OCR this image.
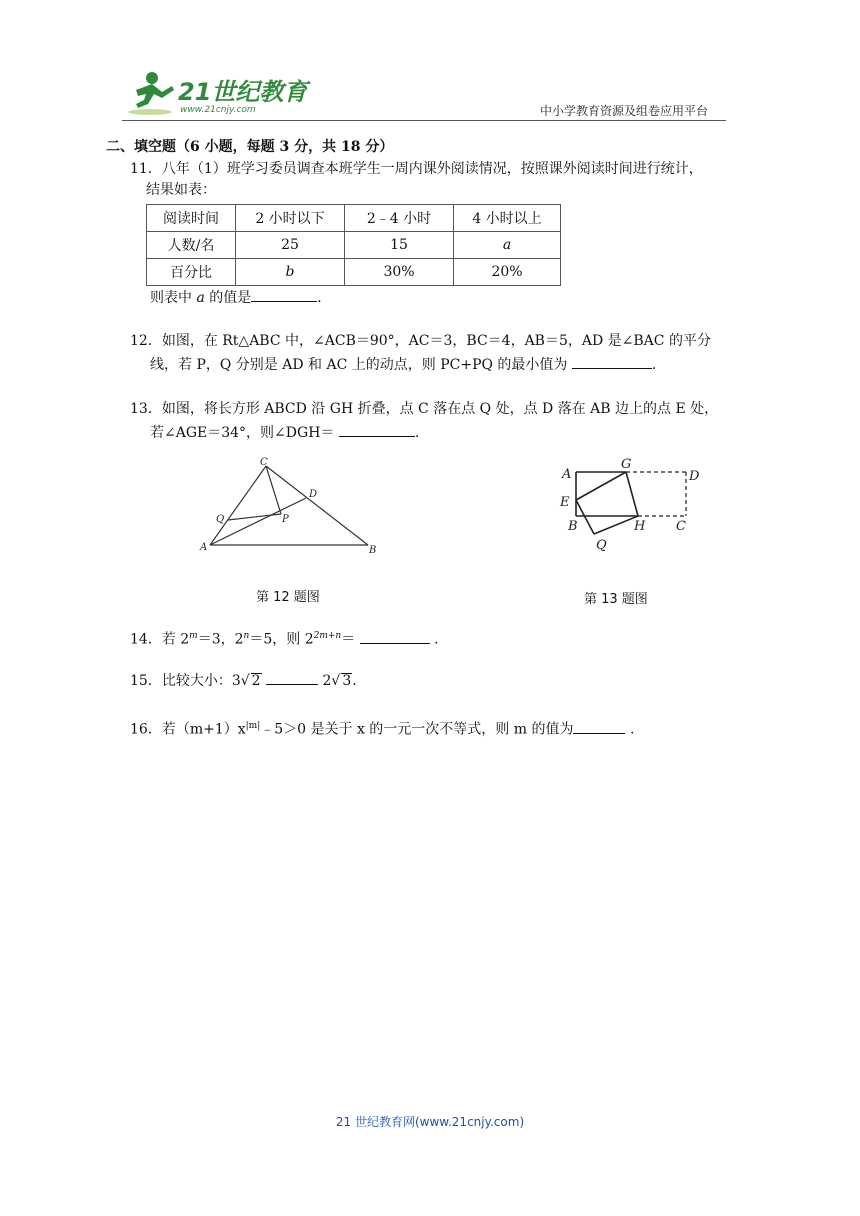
21世纪教育
www.21cnjy.com	中小学教育资源及组卷应用平台
二、填空题（6 小题，每题 3 分，共 18 分）
11．八年（1）班学习委员调查本班学生一周内课外阅读情况，按照课外阅读时间进行统计，
结果如表：
阅读时间	2 小时以下	2﹣4 小时	4 小时以上
人数/名	25	15	a
百分比	b	30%	20%
则表中 a 的值是	.
12．如图，在 Rt△ABC 中，∠ACB＝90°，AC＝3，BC＝4，AB＝5，AD 是∠BAC 的平分
线，若 P，Q 分别是 AD 和 AC 上的动点，则 PC+PQ 的最小值为	.
13．如图，将长方形 ABCD 沿 GH 折叠，点 C 落在点 Q 处，点 D 落在 AB 边上的点 E 处，
若∠AGE＝34°，则∠DGH＝	.
C
D
Q	P
A	B
第 12 题图
A
G
D
E
B	H C
Q
第 13 题图
14．若 $2^m=3$，$2^n=5$，则 $2^{2m+n}=$	.
15．比较大小：3√ 2	2√ 3.
16．若$(m+1)x^{|m|}﹣5>0$ 是关于 x 的一元一次不等式，则 m 的值为	.
21 世纪教育网(www.21cnjy.com)
